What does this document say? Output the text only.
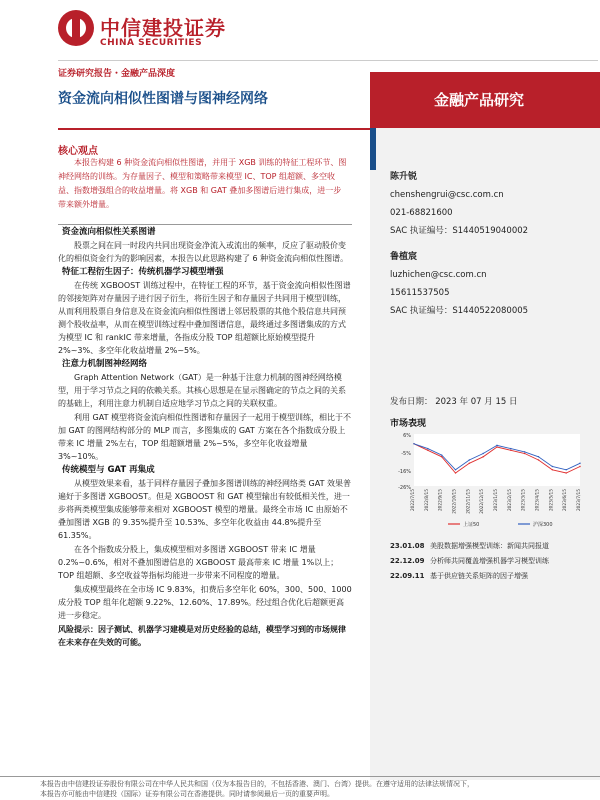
中信建投证券
CHINA SECURITIES
证券研究报告・金融产品深度
资金流向相似性图谱与图神经网络	金融产品研究
核心观点
本报告构建 6 种资金流向相似性图谱，并用于 XGB 训练的特征工程环节、图神经网络的训练。为存量因子、模型和策略带来模型 IC、TOP 组超额、多空收益、指数增强组合的收益增量。将 XGB 和 GAT 叠加多图谱后进行集成，进一步带来额外增量。

资金流向相似性关系图谱

股票之间在同一时段内共同出现资金净流入或流出的频率，反应了驱动股价变化的相似资金行为的影响因素，本报告以此思路构建了 6 种资金流向相似性图谱。

特征工程衍生因子：传统机器学习模型增强

在传统 XGBOOST 训练过程中，在特征工程的环节，基于资金流向相似性图谱的邻接矩阵对存量因子进行因子衍生，将衍生因子和存量因子共同用于模型训练，从而利用股票自身信息及在资金流向相似性图谱上邻居股票的其他个股信息共同预测个股收益率，从而在模型训练过程中叠加图谱信息，最终通过多图谱集成的方式为模型 IC 和 rankIC 带来增量，各指成分股 TOP 组超额比原始模型提升 2%~3%、多空年化收益增量 2%~5%。

注意力机制图神经网络

Graph Attention Network（GAT）是一种基于注意力机制的图神经网络模型，用于学习节点之间的依赖关系。其核心思想是在显示图确定的节点之间的关系的基础上，利用注意力机制自适应地学习节点之间的关联权重。

利用 GAT 模型将资金流向相似性图谱和存量因子一起用于模型训练，相比于不加 GAT 的图网结构部分的 MLP 而言，多图集成的 GAT 方案在各个指数成分股上带来 IC 增量 2%左右，TOP 组超额增量 2%~5%，多空年化收益增量 3%~10%。

传统模型与 GAT 再集成

从模型效果来看，基于同样存量因子叠加多图谱训练的神经网络类 GAT 效果普遍好于多图谱 XGBOOST。但是 XGBOOST 和 GAT 模型输出有较低相关性，进一步将两类模型集成能够带来相对 XGBOOST 模型的增量。最终全市场 IC 由原始不叠加图谱 XGB 的 9.35%提升至 10.53%、多空年化收益由 44.8%提升至 61.35%。

在各个指数成分股上，集成模型相对多图谱 XGBOOST 带来 IC 增量 0.2%~0.6%，相对不叠加图谱信息的 XGBOOST 最高带来 IC 增量 1%以上；TOP 组超额、多空收益等指标均能进一步带来不同程度的增量。

集成模型最终在全市场 IC 9.83%，扣费后多空年化 60%，300、500、1000 成分股 TOP 组年化超额 9.22%、12.60%、17.89%。经过组合优化后超额更高进一步稳定。

风险提示：因子测试、机器学习建模是对历史经验的总结，模型学习到的市场规律在未来存在失效的可能。

陈升锐
chenshengrui@csc.com.cn
021-68821600
SAC 执证编号：S1440519040002
鲁植宸
luzhichen@csc.com.cn
15611537505
SAC 执证编号：S1440522080005
发布日期： 2023 年 07 月 15 日
市场表现
6%
-5%
-16%
-26%
2022/7/15 2022/8/15 2022/9/15 2022/10/15 2022/11/15 2022/12/15 2023/1/15 2023/2/15 2023/3/15 2023/4/15 2023/5/15 2023/6/15 2023/7/15
上证50	沪深300
23.01.08 美股数据增强模型训练：新闻共同报道
22.12.09 分析师共同覆盖增强机器学习模型训练
22.09.11 基于供应链关系矩阵的因子增强
本报告由中信建投证券股份有限公司在中华人民共和国（仅为本报告目的，不包括香港、澳门、台湾）提供。在遵守适用的法律法规情况下，
本报告亦可能由中信建投（国际）证券有限公司在香港提供。同时请参阅最后一页的重要声明。
